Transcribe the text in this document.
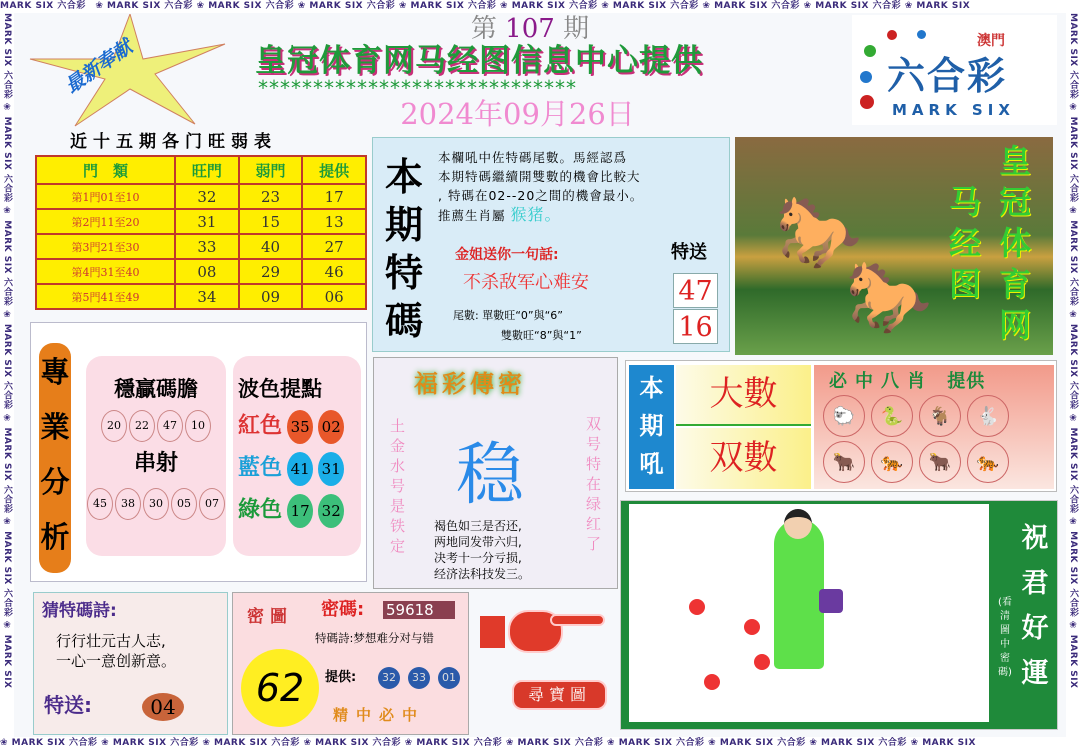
MARK SIX 六合彩　❀ MARK SIX 六合彩 ❀ MARK SIX 六合彩 ❀ MARK SIX 六合彩 ❀ MARK SIX 六合彩 ❀ MARK SIX 六合彩 ❀ MARK SIX 六合彩 ❀ MARK SIX 六合彩 ❀ MARK SIX 六合彩 ❀ MARK SIX
❀ MARK SIX 六合彩 ❀ MARK SIX 六合彩 ❀ MARK SIX 六合彩 ❀ MARK SIX 六合彩 ❀ MARK SIX 六合彩 ❀ MARK SIX 六合彩 ❀ MARK SIX 六合彩 ❀ MARK SIX 六合彩 ❀ MARK SIX 六合彩 ❀ MARK SIX
MARK SIX 六合彩 ❀ MARK SIX 六合彩 ❀ MARK SIX 六合彩 ❀ MARK SIX 六合彩 ❀ MARK SIX 六合彩 ❀ MARK SIX 六合彩 ❀ MARK SIX	MARK SIX 六合彩 ❀ MARK SIX 六合彩 ❀ MARK SIX 六合彩 ❀ MARK SIX 六合彩 ❀ MARK SIX 六合彩 ❀ MARK SIX 六合彩 ❀ MARK SIX
最新奉献
第 107 期
皇冠体育网马经图信息中心提供
*****************************
2024年09月26日
澳門
六合彩
MARK SIX
近十五期各门旺弱表
門　類	旺門	弱門	提供
第1門01至10	32	23	17
第2門11至20	31	15	13
第3門21至30	33	40	27
第4門31至40	08	29	46
第5門41至49	34	09	06
本期特碼
本欄吼中佐特碼尾數。馬經認爲
本期特碼繼續開雙數的機會比較大
, 特碼在02--20之間的機會最小。
推薦生肖屬 猴猪。
金姐送你一句話:
不杀敌军心难安
尾數: 單數旺“0”與“6”
雙數旺“8”與“1”
特送
47
16
🐎
🐎
皇冠体育网
马经图
專業分析
穩贏碼膽
20 22 47 10
串射
45 38 30 05 07
波色提點
紅色 35 02
藍色 41 31
綠色 17 32
福彩傳密
土金水号是铁定
双号特在绿红了
稳
褐色如三是否还,
两地同发带六归,
决考十一分亏损,
经济法科技发三。
本期吼
大數
双數
必中八肖 提供
🐑 🐍 🐐 🐇
🐂 🐅 🐂 🐅
祝君好運
(看清圖中密碼)
猜特碼詩:
行行壮元古人志,
一心一意创新意。
特送:	04
密圖 密碼: 59618
特碼詩:梦想难分对与错
62	提供:	32	33	01
精中必中
尋寶圖
